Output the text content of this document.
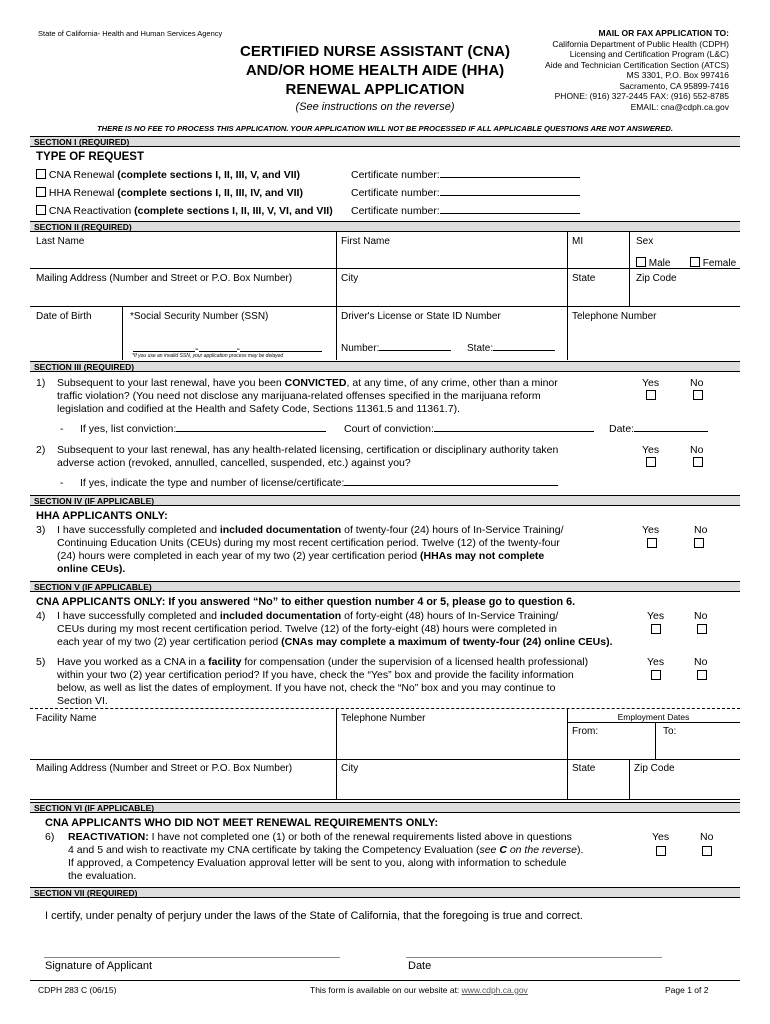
State of California- Health and Human Services Agency
CERTIFIED NURSE ASSISTANT (CNA)
AND/OR HOME HEALTH AIDE (HHA)
RENEWAL APPLICATION
(See instructions on the reverse)
MAIL OR FAX APPLICATION TO:
California Department of Public Health (CDPH)
Licensing and Certification Program (L&C)
Aide and Technician Certification Section (ATCS)
MS 3301, P.O. Box 997416
Sacramento, CA 95899-7416
PHONE: (916) 327-2445 FAX: (916) 552-8785
EMAIL: cna@cdph.ca.gov
THERE IS NO FEE TO PROCESS THIS APPLICATION. YOUR APPLICATION WILL NOT BE PROCESSED IF ALL APPLICABLE QUESTIONS ARE NOT ANSWERED.
SECTION I (REQUIRED)
TYPE OF REQUEST
CNA Renewal (complete sections I, II, III, V, and VII)	Certificate number:
HHA Renewal (complete sections I, II, III, IV, and VII)	Certificate number:
CNA Reactivation (complete sections I, II, III, V, VI, and VII) Certificate number:
SECTION II (REQUIRED)
Last Name	First Name	MI	Sex
Male	Female
Mailing Address (Number and Street or P.O. Box Number)	City	State	Zip Code
Date of Birth	*Social Security Number (SSN)	Driver's License or State ID Number	Telephone Number
-	-	Number:	State:
*If you use an invalid SSN, your application process may be delayed
SECTION III (REQUIRED)
1) Subsequent to your last renewal, have you been CONVICTED, at any time, of any crime, other than a minor
traffic violation? (You need not disclose any marijuana-related offenses specified in the marijuana reform
legislation and codified at the Health and Safety Code, Sections 11361.5 and 11361.7).
Yes	No
- If yes, list conviction:	Court of conviction:	Date:
2) Subsequent to your last renewal, has any health-related licensing, certification or disciplinary authority taken
adverse action (revoked, annulled, cancelled, suspended, etc.) against you?
Yes	No
- If yes, indicate the type and number of license/certificate:
SECTION IV (IF APPLICABLE)
HHA APPLICANTS ONLY:
3) I have successfully completed and included documentation of twenty-four (24) hours of In-Service Training/
Continuing Education Units (CEUs) during my most recent certification period. Twelve (12) of the twenty-four
(24) hours were completed in each year of my two (2) year certification period (HHAs may not complete
online CEUs).
Yes	No
SECTION V (IF APPLICABLE)
CNA APPLICANTS ONLY: If you answered “No” to either question number 4 or 5, please go to question 6.
4) I have successfully completed and included documentation of forty-eight (48) hours of In-Service Training/
CEUs during my most recent certification period. Twelve (12) of the forty-eight (48) hours were completed in
each year of my two (2) year certification period (CNAs may complete a maximum of twenty-four (24) online CEUs).
Yes	No
5) Have you worked as a CNA in a facility for compensation (under the supervision of a licensed health professional)
within your two (2) year certification period? If you have, check the “Yes” box and provide the facility information
below, as well as list the dates of employment. If you have not, check the “No” box and you may continue to
Section VI.
Yes	No
Facility Name	Telephone Number	Employment Dates
From:	To:
Mailing Address (Number and Street or P.O. Box Number)	City	State	Zip Code
SECTION VI (IF APPLICABLE)
CNA APPLICANTS WHO DID NOT MEET RENEWAL REQUIREMENTS ONLY:
6) REACTIVATION: I have not completed one (1) or both of the renewal requirements listed above in questions
4 and 5 and wish to reactivate my CNA certificate by taking the Competency Evaluation (see C on the reverse).
If approved, a Competency Evaluation approval letter will be sent to you, along with information to schedule
the evaluation.
Yes	No
SECTION VII (REQUIRED)
I certify, under penalty of perjury under the laws of the State of California, that the foregoing is true and correct.
Signature of Applicant	Date
CDPH 283 C (06/15)	This form is available on our website at: www.cdph.ca.gov	Page 1 of 2
